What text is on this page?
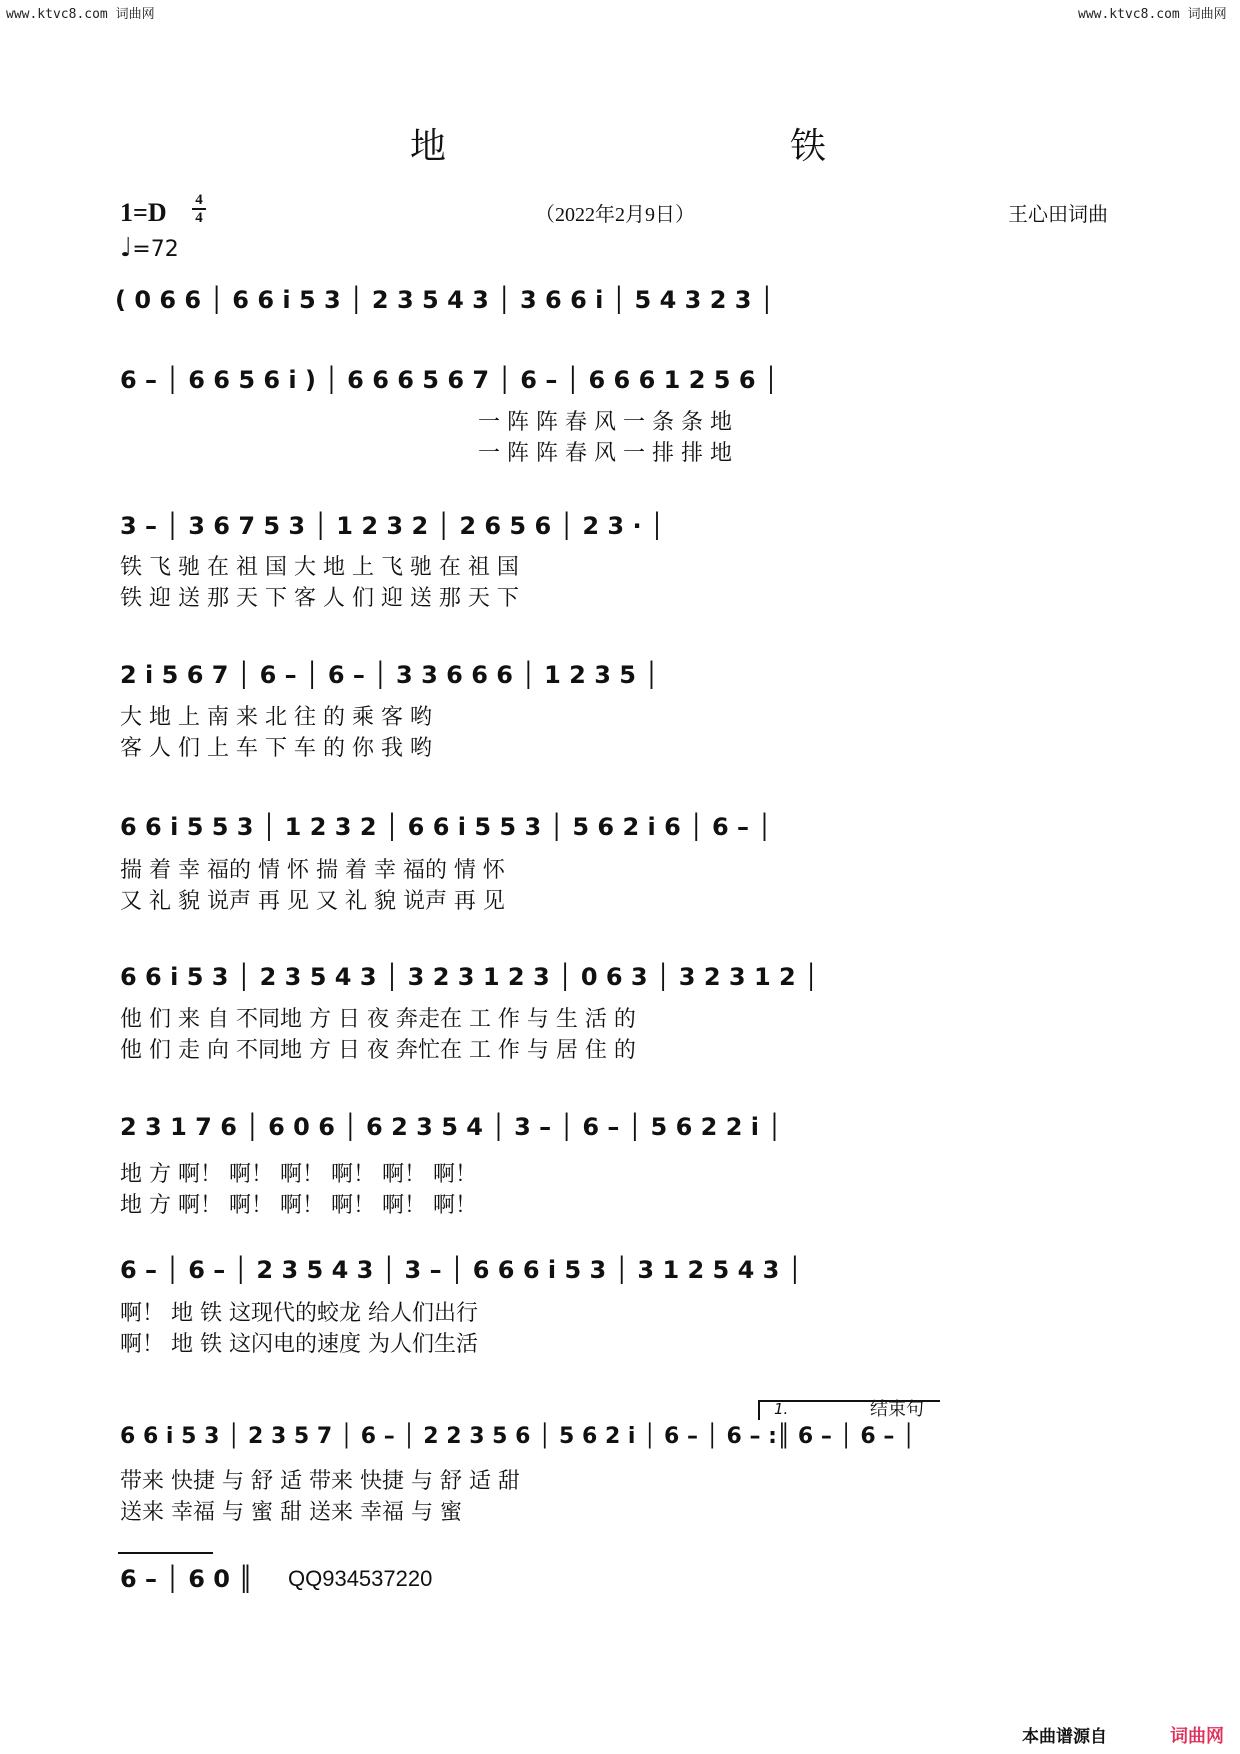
www.ktvc8.com 词曲网	www.ktvc8.com 词曲网
地	铁
1=D 4
4
♩=72
（2022年2月9日）	王心田词曲
( 0 6 6 │ 6 6 i 5 3 │ 2 3 5 4 3 │ 3 6 6 i │ 5 4 3 2 3 │
6 – │ 6 6 5 6 i ) │ 6 6 6 5 6 7 │ 6 – │ 6 6 6 1 2 5 6 │
一 阵 阵 春 风 一 条 条 地
一 阵 阵 春 风 一 排 排 地
3 – │ 3 6 7 5 3 │ 1 2 3 2 │ 2 6 5 6 │ 2 3 · │
铁 飞 驰 在 祖 国 大 地 上 飞 驰 在 祖 国
铁 迎 送 那 天 下 客 人 们 迎 送 那 天 下
2 i 5 6 7 │ 6 – │ 6 – │ 3 3 6 6 6 │ 1 2 3 5 │
大 地 上 南 来 北 往 的 乘 客 哟
客 人 们 上 车 下 车 的 你 我 哟
6 6 i 5 5 3 │ 1 2 3 2 │ 6 6 i 5 5 3 │ 5 6 2 i 6 │ 6 – │
揣 着 幸 福的 情 怀 揣 着 幸 福的 情 怀
又 礼 貌 说声 再 见 又 礼 貌 说声 再 见
6 6 i 5 3 │ 2 3 5 4 3 │ 3 2 3 1 2 3 │ 0 6 3 │ 3 2 3 1 2 │
他 们 来 自 不同地 方 日 夜 奔走在 工 作 与 生 活 的
他 们 走 向 不同地 方 日 夜 奔忙在 工 作 与 居 住 的
2 3 1 7 6 │ 6 0 6 │ 6 2 3 5 4 │ 3 – │ 6 – │ 5 6 2 2 i │
地 方 啊！ 啊！ 啊！ 啊！ 啊！ 啊！
地 方 啊！ 啊！ 啊！ 啊！ 啊！ 啊！
6 – │ 6 – │ 2 3 5 4 3 │ 3 – │ 6 6 6 i 5 3 │ 3 1 2 5 4 3 │
啊！ 地 铁 这现代的蛟龙 给人们出行
啊！ 地 铁 这闪电的速度 为人们生活
结束句
1.
6 6 i 5 3 │ 2 3 5 7 │ 6 – │ 2 2 3 5 6 │ 5 6 2 i │ 6 – │ 6 – :║ 6 – │ 6 – │
带来 快捷 与 舒 适 带来 快捷 与 舒 适 甜
送来 幸福 与 蜜 甜 送来 幸福 与 蜜
6 – │ 6 0 ║ QQ934537220
本曲谱源自	词曲网
